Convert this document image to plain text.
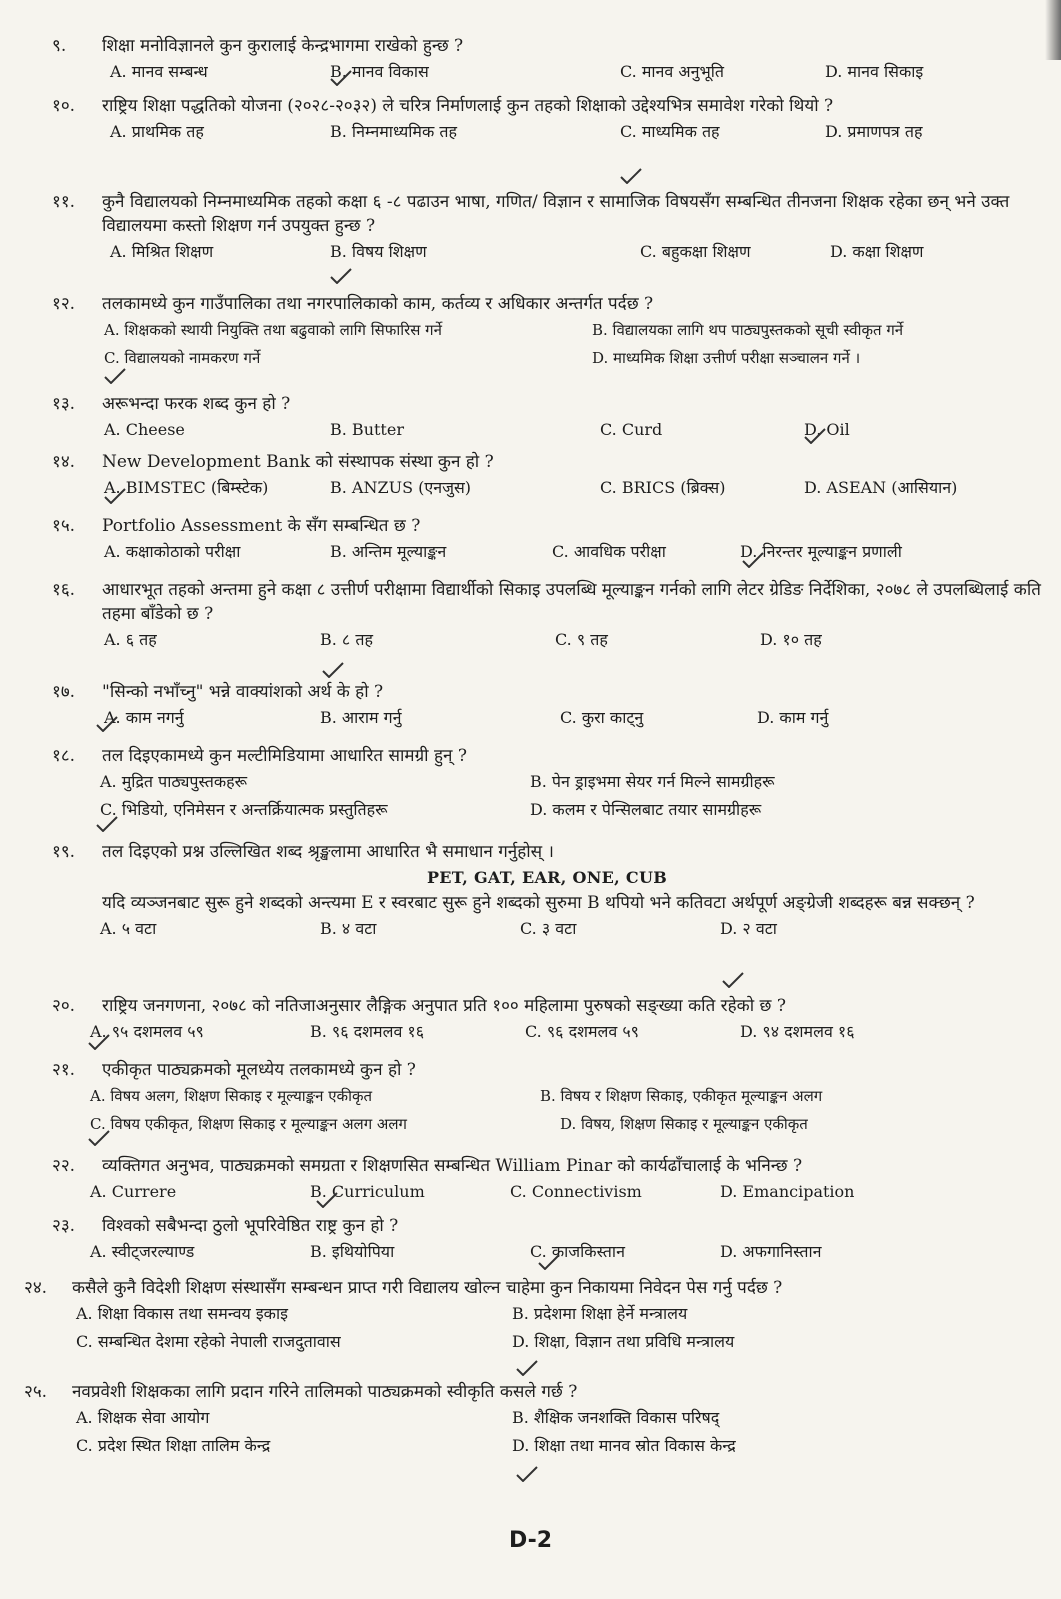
९.	शिक्षा मनोविज्ञानले कुन कुरालाई केन्द्रभागमा राखेको हुन्छ ?
A. मानव सम्बन्ध	B. मानव विकास	C. मानव अनुभूति	D. मानव सिकाइ
१०.	राष्ट्रिय शिक्षा पद्धतिको योजना (२०२८-२०३२) ले चरित्र निर्माणलाई कुन तहको शिक्षाको उद्देश्यभित्र समावेश गरेको थियो ?
A. प्राथमिक तह	B. निम्नमाध्यमिक तह	C. माध्यमिक तह	D. प्रमाणपत्र तह
११.	कुनै विद्यालयको निम्नमाध्यमिक तहको कक्षा ६ -८ पढाउन भाषा, गणित/ विज्ञान र सामाजिक विषयसँग सम्बन्धित तीनजना शिक्षक रहेका छन् भने उक्त विद्यालयमा कस्तो शिक्षण गर्न उपयुक्त हुन्छ ?
A. मिश्रित शिक्षण	B. विषय शिक्षण	C. बहुकक्षा शिक्षण	D. कक्षा शिक्षण
१२.	तलकामध्ये कुन गाउँपालिका तथा नगरपालिकाको काम, कर्तव्य र अधिकार अन्तर्गत पर्दछ ?
A. शिक्षकको स्थायी नियुक्ति तथा बढुवाको लागि सिफारिस गर्ने	B. विद्यालयका लागि थप पाठ्यपुस्तकको सूची स्वीकृत गर्ने
C. विद्यालयको नामकरण गर्ने	D. माध्यमिक शिक्षा उत्तीर्ण परीक्षा सञ्चालन गर्ने ।
१३.	अरूभन्दा फरक शब्द कुन हो ?
A. Cheese	B. Butter	C. Curd	D. Oil
१४.	New Development Bank को संस्थापक संस्था कुन हो ?
A. BIMSTEC (बिम्स्टेक)	B. ANZUS (एनजुस)	C. BRICS (ब्रिक्स)	D. ASEAN (आसियान)
१५.	Portfolio Assessment के सँग सम्बन्धित छ ?
A. कक्षाकोठाको परीक्षा	B. अन्तिम मूल्याङ्कन	C. आवधिक परीक्षा	D. निरन्तर मूल्याङ्कन प्रणाली
१६.	आधारभूत तहको अन्तमा हुने कक्षा ८ उत्तीर्ण परीक्षामा विद्यार्थीको सिकाइ उपलब्धि मूल्याङ्कन गर्नको लागि लेटर ग्रेडिङ निर्देशिका, २०७८ ले उपलब्धिलाई कति तहमा बाँडेको छ ?
A. ६ तह	B. ८ तह	C. ९ तह	D. १० तह
१७.	"सिन्को नभाँच्नु" भन्ने वाक्यांशको अर्थ के हो ?
A. काम नगर्नु	B. आराम गर्नु	C. कुरा काट्नु	D. काम गर्नु
१८.	तल दिइएकामध्ये कुन मल्टीमिडियामा आधारित सामग्री हुन् ?
A. मुद्रित पाठ्यपुस्तकहरू	B. पेन ड्राइभमा सेयर गर्न मिल्ने सामग्रीहरू
C. भिडियो, एनिमेसन र अन्तर्क्रियात्मक प्रस्तुतिहरू	D. कलम र पेन्सिलबाट तयार सामग्रीहरू
१९.	तल दिइएको प्रश्न उल्लिखित शब्द श्रृङ्खलामा आधारित भै समाधान गर्नुहोस् ।
PET, GAT, EAR, ONE, CUB
यदि व्यञ्जनबाट सुरू हुने शब्दको अन्त्यमा E र स्वरबाट सुरू हुने शब्दको सुरुमा B थपियो भने कतिवटा अर्थपूर्ण अङ्ग्रेजी शब्दहरू बन्न सक्छन् ?
A. ५ वटा	B. ४ वटा	C. ३ वटा	D. २ वटा
२०.	राष्ट्रिय जनगणना, २०७८ को नतिजाअनुसार लैङ्गिक अनुपात प्रति १०० महिलामा पुरुषको सङ्ख्या कति रहेको छ ?
A. ९५ दशमलव ५९	B. ९६ दशमलव १६	C. ९६ दशमलव ५९	D. ९४ दशमलव १६
२१.	एकीकृत पाठ्यक्रमको मूलध्येय तलकामध्ये कुन हो ?
A. विषय अलग, शिक्षण सिकाइ र मूल्याङ्कन एकीकृत	B. विषय र शिक्षण सिकाइ, एकीकृत मूल्याङ्कन अलग
C. विषय एकीकृत, शिक्षण सिकाइ र मूल्याङ्कन अलग अलग	D. विषय, शिक्षण सिकाइ र मूल्याङ्कन एकीकृत
२२.	व्यक्तिगत अनुभव, पाठ्यक्रमको समग्रता र शिक्षणसित सम्बन्धित William Pinar को कार्यढाँचालाई के भनिन्छ ?
A. Currere	B. Curriculum	C. Connectivism	D. Emancipation
२३.	विश्वको सबैभन्दा ठुलो भूपरिवेष्ठित राष्ट्र कुन हो ?
A. स्वीट्जरल्याण्ड	B. इथियोपिया	C. काजकिस्तान	D. अफगानिस्तान
२४.	कसैले कुनै विदेशी शिक्षण संस्थासँग सम्बन्धन प्राप्त गरी विद्यालय खोल्न चाहेमा कुन निकायमा निवेदन पेस गर्नु पर्दछ ?
A. शिक्षा विकास तथा समन्वय इकाइ	B. प्रदेशमा शिक्षा हेर्ने मन्त्रालय
C. सम्बन्धित देशमा रहेको नेपाली राजदुतावास	D. शिक्षा, विज्ञान तथा प्रविधि मन्त्रालय
२५.	नवप्रवेशी शिक्षकका लागि प्रदान गरिने तालिमको पाठ्यक्रमको स्वीकृति कसले गर्छ ?
A. शिक्षक सेवा आयोग	B. शैक्षिक जनशक्ति विकास परिषद्
C. प्रदेश स्थित शिक्षा तालिम केन्द्र	D. शिक्षा तथा मानव स्रोत विकास केन्द्र
D-2
